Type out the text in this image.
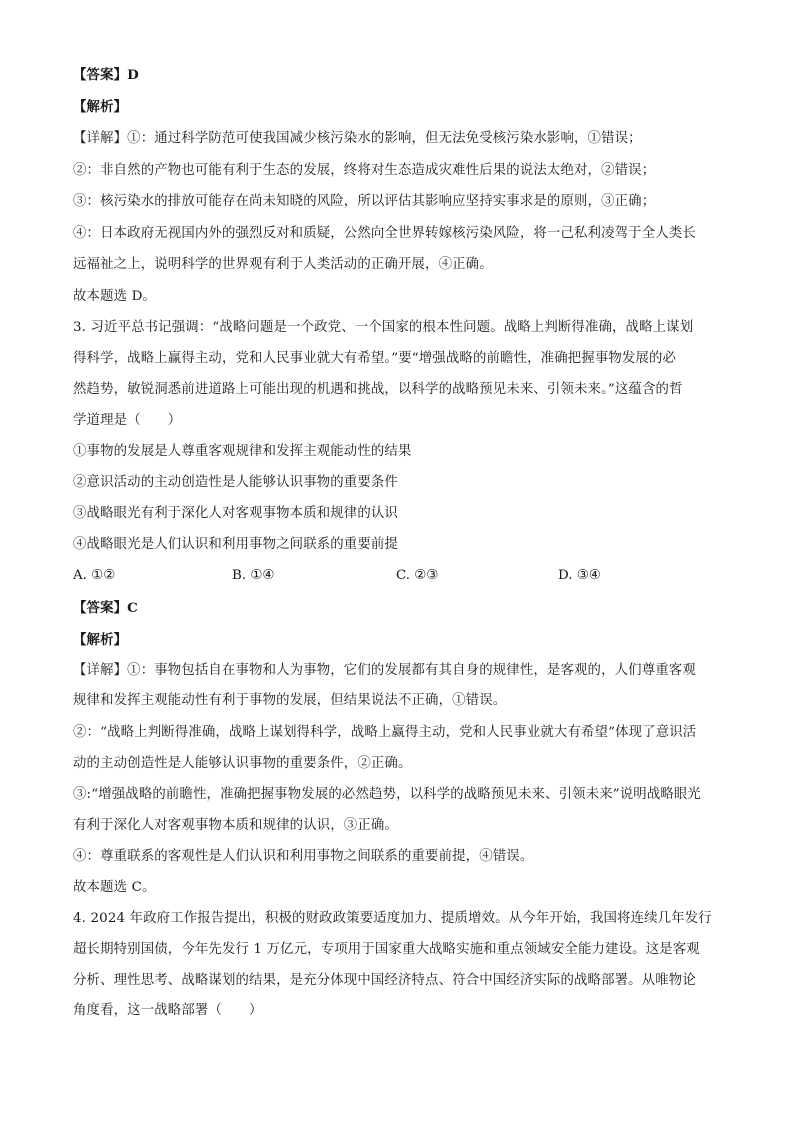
【答案】D
【解析】
【详解】①：通过科学防范可使我国减少核污染水的影响，但无法免受核污染水影响，①错误；
②：非自然的产物也可能有利于生态的发展，终将对生态造成灾难性后果的说法太绝对，②错误；
③：核污染水的排放可能存在尚未知晓的风险，所以评估其影响应坚持实事求是的原则，③正确；
④：日本政府无视国内外的强烈反对和质疑，公然向全世界转嫁核污染风险，将一己私利凌驾于全人类长
远福祉之上，说明科学的世界观有利于人类活动的正确开展，④正确。
故本题选 D。
3. 习近平总书记强调：“战略问题是一个政党、一个国家的根本性问题。战略上判断得准确，战略上谋划
得科学，战略上赢得主动，党和人民事业就大有希望。”要“增强战略的前瞻性，准确把握事物发展的必
然趋势，敏锐洞悉前进道路上可能出现的机遇和挑战，以科学的战略预见未来、引领未来。”这蕴含的哲
学道理是（　　）
①事物的发展是人尊重客观规律和发挥主观能动性的结果
②意识活动的主动创造性是人能够认识事物的重要条件
③战略眼光有利于深化人对客观事物本质和规律的认识
④战略眼光是人们认识和利用事物之间联系的重要前提
A. ①②	B. ①④	C. ②③	D. ③④
【答案】C
【解析】
【详解】①：事物包括自在事物和人为事物，它们的发展都有其自身的规律性，是客观的，人们尊重客观
规律和发挥主观能动性有利于事物的发展，但结果说法不正确，①错误。
②：“战略上判断得准确，战略上谋划得科学，战略上赢得主动，党和人民事业就大有希望”体现了意识活
动的主动创造性是人能够认识事物的重要条件，②正确。
③:“增强战略的前瞻性，准确把握事物发展的必然趋势，以科学的战略预见未来、引领未来”说明战略眼光
有利于深化人对客观事物本质和规律的认识，③正确。
④：尊重联系的客观性是人们认识和利用事物之间联系的重要前提，④错误。
故本题选 C。
4. 2024 年政府工作报告提出，积极的财政政策要适度加力、提质增效。从今年开始，我国将连续几年发行
超长期特别国债，今年先发行 1 万亿元，专项用于国家重大战略实施和重点领域安全能力建设。这是客观
分析、理性思考、战略谋划的结果，是充分体现中国经济特点、符合中国经济实际的战略部署。从唯物论
角度看，这一战略部署（　　）
